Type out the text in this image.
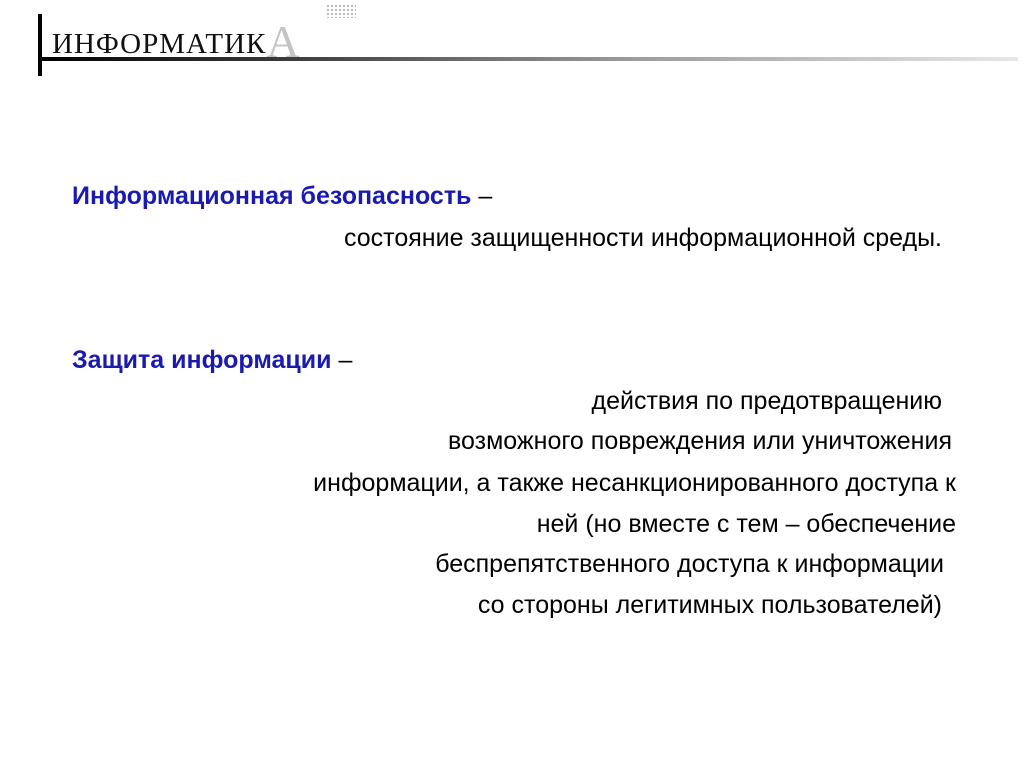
ИНФОРМАТИКА
Информационная безопасность –
состояние защищенности информационной среды.
Защита информации –
действия по предотвращению
возможного повреждения или уничтожения
информации, а также несанкционированного доступа к
ней (но вместе с тем – обеспечение
беспрепятственного доступа к информации
со стороны легитимных пользователей)
